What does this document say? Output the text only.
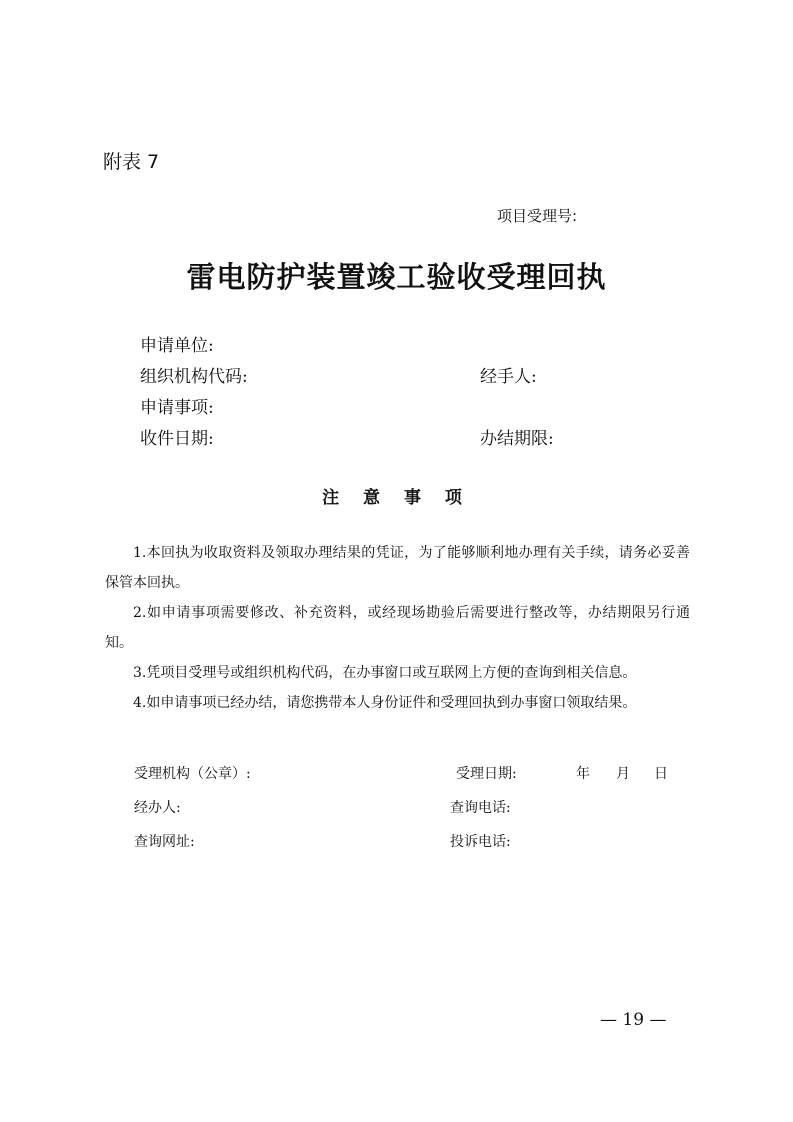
附表 7
项目受理号:
雷电防护装置竣工验收受理回执
申请单位:
组织机构代码:	经手人:
申请事项:
收件日期:	办结期限:
注 意 事 项

1.本回执为收取资料及领取办理结果的凭证，为了能够顺利地办理有关手续，请务必妥善保管本回执。

2.如申请事项需要修改、补充资料，或经现场勘验后需要进行整改等，办结期限另行通知。

3.凭项目受理号或组织机构代码，在办事窗口或互联网上方便的查询到相关信息。

4.如申请事项已经办结，请您携带本人身份证件和受理回执到办事窗口领取结果。

受理机构（公章）:	受理日期:	年 月 日
经办人:	查询电话:
查询网址:	投诉电话:
— 19 —
